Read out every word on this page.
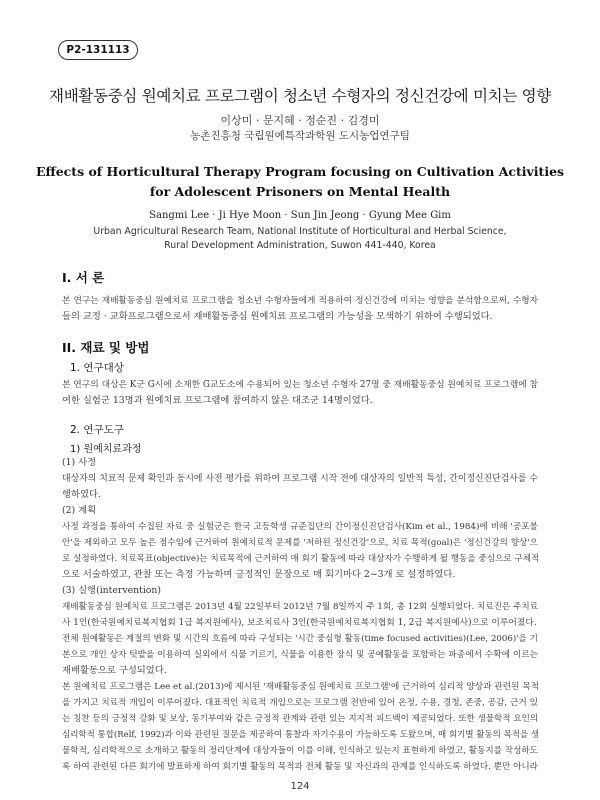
P2-131113
재배활동중심 원예치료 프로그램이 청소년 수형자의 정신건강에 미치는 영향
이상미 · 문지혜 · 정순진 · 김경미
농촌진흥청 국립원예특작과학원 도시농업연구팀
Effects of Horticultural Therapy Program focusing on Cultivation Activities
for Adolescent Prisoners on Mental Health
Sangmi Lee · Ji Hye Moon · Sun Jin Jeong · Gyung Mee Gim
Urban Agricultural Research Team, National Institute of Horticultural and Herbal Science,
Rural Development Administration, Suwon 441-440, Korea
I. 서 론
본 연구는 재배활동중심 원예치료 프로그램을 청소년 수형자들에게 적용하여 정신건강에 미치는 영향을 분석함으로써, 수형자
들의 교정 · 교화프로그램으로서 재배활동중심 원예치료 프로그램의 가능성을 모색하기 위하여 수행되었다.
II. 재료 및 방법
1. 연구대상
본 연구의 대상은 K군 G시에 소재한 G교도소에 수용되어 있는 청소년 수형자 27명 중 재배활동중심 원예치료 프로그램에 참
여한 실험군 13명과 원예치료 프로그램에 참여하지 않은 대조군 14명이었다.
2. 연구도구
1) 원예치료과정
(1) 사정
대상자의 치료적 문제 확인과 동시에 사전 평가를 위하여 프로그램 시작 전에 대상자의 일반적 특성, 간이정신진단검사를 수
행하였다.
(2) 계획
사정 과정을 통하여 수집된 자료 중 실험군은 한국 고등학생 규준집단의 간이정신진단검사(Kim et al., 1984)에 비해 '공포불
안'을 제외하고 모두 높은 점수임에 근거하여 원예치료적 문제를 '저하된 정신건강'으로, 치료 목적(goal)은 '정신건강의 향상'으
로 설정하였다. 치료목표(objective)는 치료목적에 근거하여 매 회기 활동에 따라 대상자가 수행하게 될 행동을 중심으로 구체적
으로 서술하였고, 관찰 또는 측정 가능하며 긍정적인 문장으로 매 회기마다 2~3개 로 설정하였다.
(3) 실행(intervention)
재배활동중심 원예치료 프로그램은 2013년 4월 22일부터 2012년 7월 8일까지 주 1회, 총 12회 실행되었다. 치료진은 주치료
사 1인(한국원예치료복지협회 1급 복지원예사), 보조치료사 3인(한국원예치료복지협회 1, 2급 복지원예사)으로 이루어졌다.
전체 원예활동은 계절의 변화 및 시간의 흐름에 따라 구성되는 '시간 중심형 활동(time focused activities)(Lee, 2006)'을 기
본으로 개인 상자 텃밭을 이용하여 실외에서 식물 기르기, 식물을 이용한 장식 및 공예활동을 포함하는 파종에서 수확에 이르는
재배활동으로 구성되었다.
본 원예치료 프로그램은 Lee et al.(2013)에 제시된 '재배활동중심 원예치료 프로그램'에 근거하여 심리적 양상과 관련된 목적
을 가지고 치료적 개입이 이루어졌다. 대표적인 치료적 개입으로는 프로그램 전반에 있어 온정, 수용, 경청, 존중, 공감, 근거 있
는 칭찬 등의 긍정적 강화 및 보상, 동기부여와 같은 긍정적 관계와 관련 있는 지지적 피드백이 제공되었다. 또한 생물학적 요인의
심리학적 통합(Relf, 1992)과 이와 관련된 질문을 제공하여 통찰과 자기수용이 가능하도록 도왔으며, 매 회기별 활동의 목적을 생
물학적, 심리학적으로 소개하고 활동의 정리단계에 대상자들이 이를 이해, 인식하고 있는지 표현하게 하였고, 활동지를 작성하도
록 하여 관련된 다른 회기에 발표하게 하여 회기별 활동의 목적과 전체 활동 및 자신과의 관계를 인식하도록 하였다. 뿐만 아니라
124
